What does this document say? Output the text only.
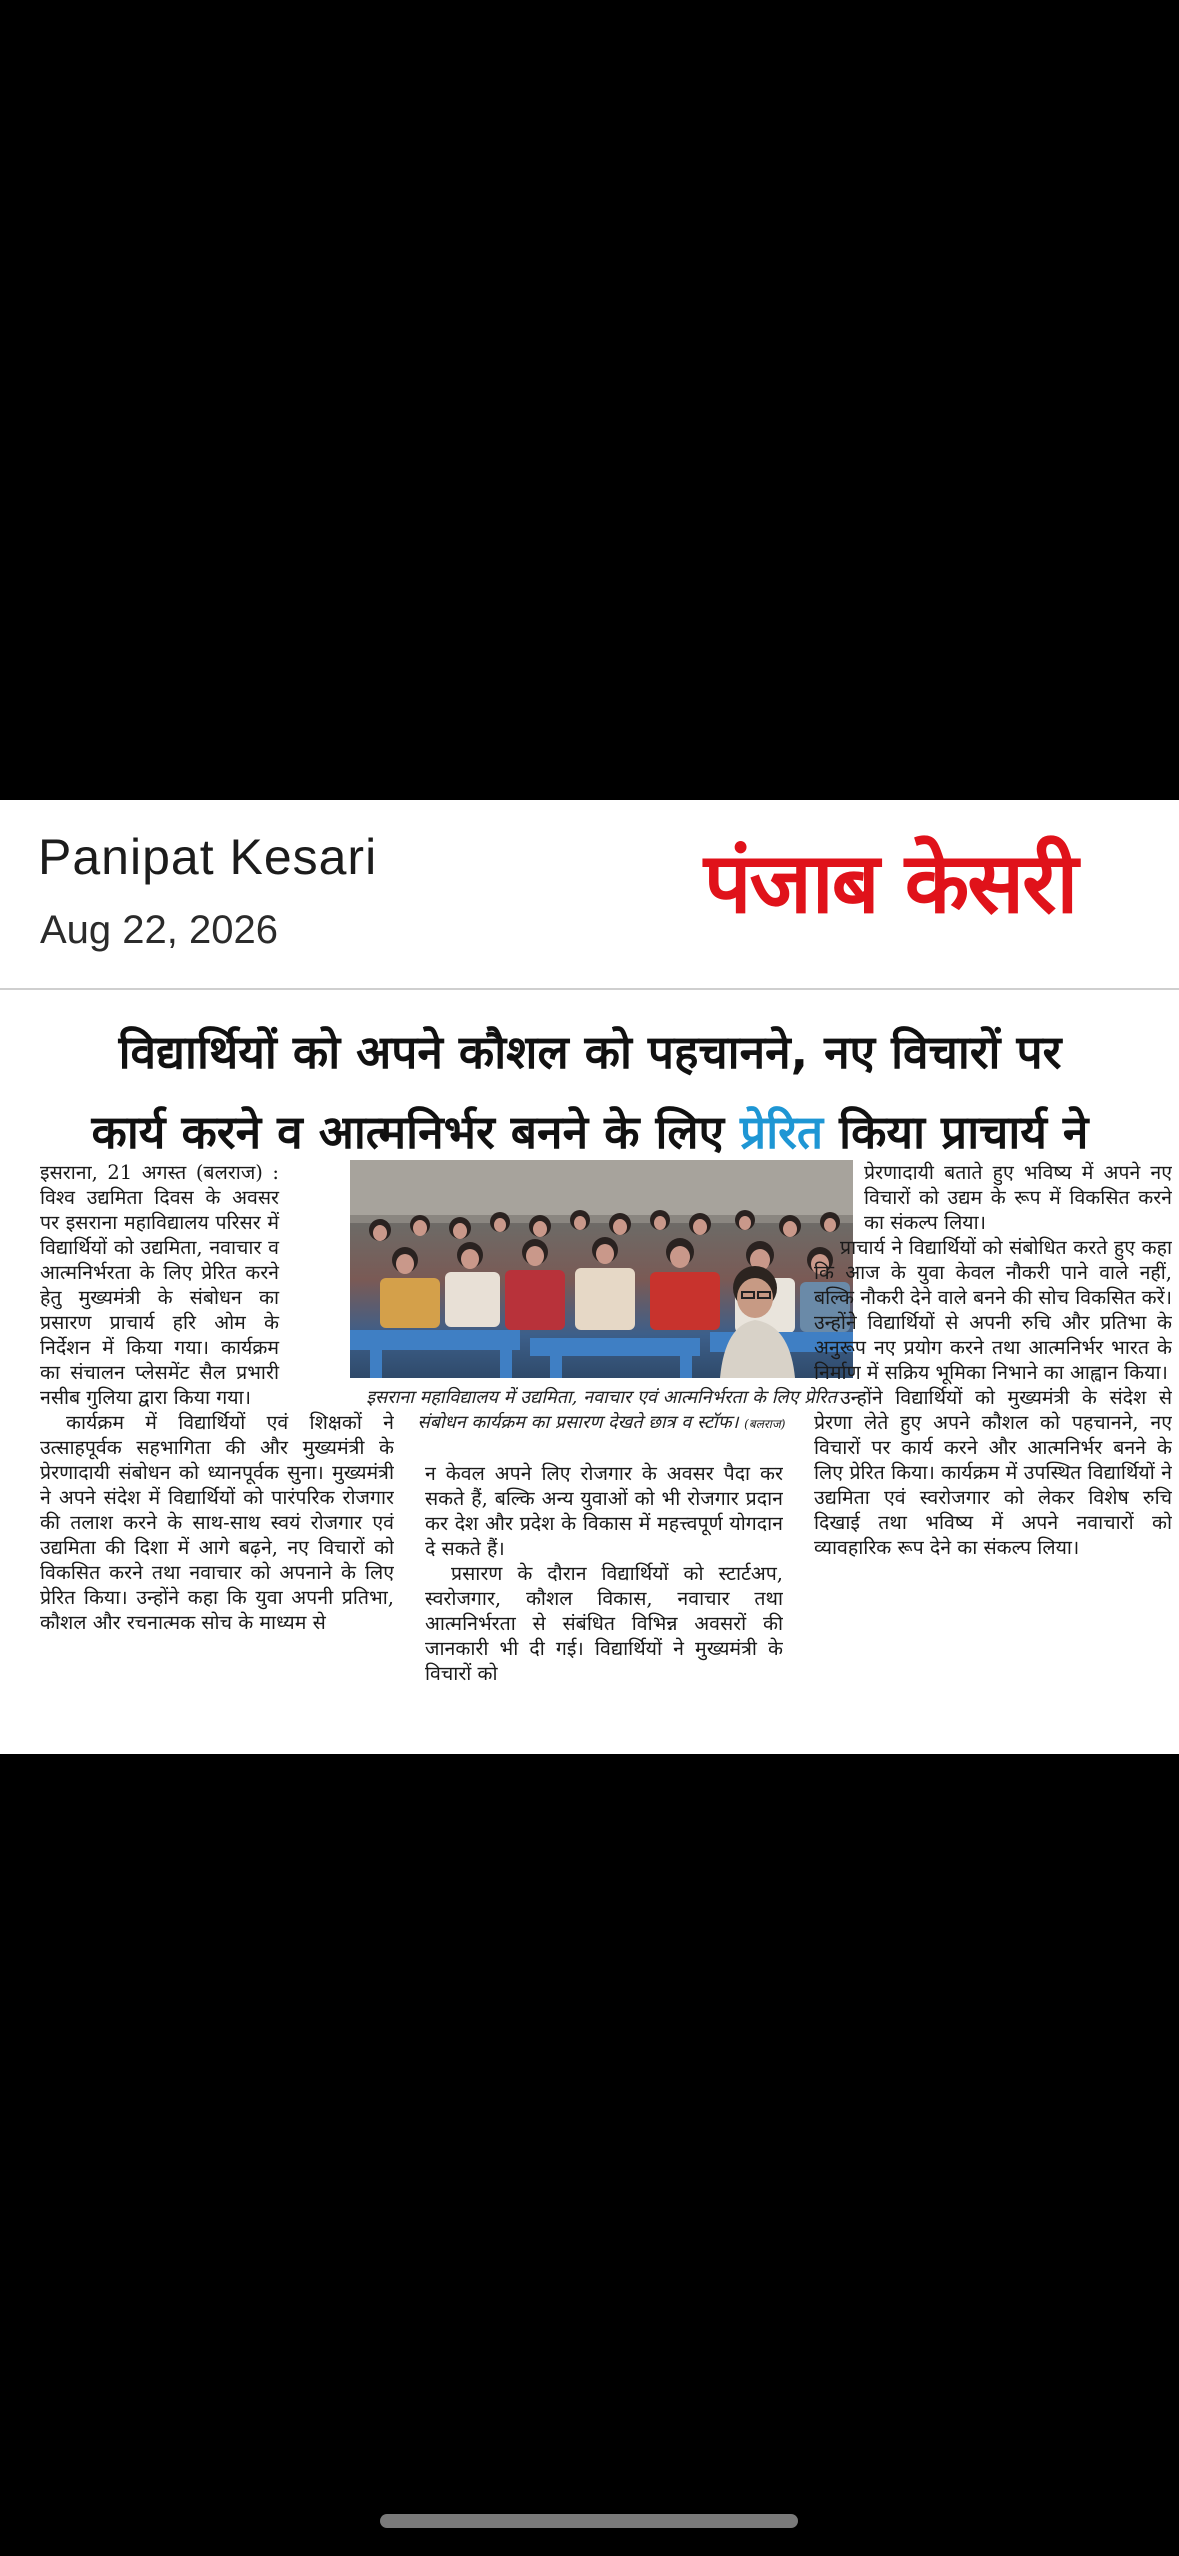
Panipat Kesari
Aug 22, 2026	पंजाब केसरी
विद्यार्थियों को अपने कौशल को पहचानने, नए विचारों पर
कार्य करने व आत्मनिर्भर बनने के लिए प्रेरित किया प्राचार्य ने

इसराना, 21 अगस्त (बलराज) : विश्व उद्यमिता दिवस के अवसर पर इसराना महाविद्यालय परिसर में विद्यार्थियों को उद्यमिता, नवाचार व आत्मनिर्भरता के लिए प्रेरित करने हेतु मुख्यमंत्री के संबोधन का प्रसारण प्राचार्य हरि ओम के निर्देशन में किया गया। कार्यक्रम का संचालन प्लेसमेंट सैल प्रभारी नसीब गुलिया द्वारा किया गया।

कार्यक्रम में विद्यार्थियों एवं शिक्षकों ने उत्साहपूर्वक सहभागिता की और मुख्यमंत्री के प्रेरणादायी संबोधन को ध्यानपूर्वक सुना। मुख्यमंत्री ने अपने संदेश में विद्यार्थियों को पारंपरिक रोजगार की तलाश करने के साथ-साथ स्वयं रोजगार एवं उद्यमिता की दिशा में आगे बढ़ने, नए विचारों को विकसित करने तथा नवाचार को अपनाने के लिए प्रेरित किया। उन्होंने कहा कि युवा अपनी प्रतिभा, कौशल और रचनात्मक सोच के माध्यम से

इसराना महाविद्यालय में उद्यमिता, नवाचार एवं आत्मनिर्भरता के लिए प्रेरित संबोधन कार्यक्रम का प्रसारण देखते छात्र व स्टॉफ। (बलराज)

न केवल अपने लिए रोजगार के अवसर पैदा कर सकते हैं, बल्कि अन्य युवाओं को भी रोजगार प्रदान कर देश और प्रदेश के विकास में महत्त्वपूर्ण योगदान दे सकते हैं।

प्रसारण के दौरान विद्यार्थियों को स्टार्टअप, स्वरोजगार, कौशल विकास, नवाचार तथा आत्मनिर्भरता से संबंधित विभिन्न अवसरों की जानकारी भी दी गई। विद्यार्थियों ने मुख्यमंत्री के विचारों को

प्रेरणादायी बताते हुए भविष्य में अपने नए विचारों को उद्यम के रूप में विकसित करने का संकल्प लिया।

प्राचार्य ने विद्यार्थियों को संबोधित करते हुए कहा कि आज के युवा केवल नौकरी पाने वाले नहीं, बल्कि नौकरी देने वाले बनने की सोच विकसित करें। उन्होंने विद्यार्थियों से अपनी रुचि और प्रतिभा के अनुरूप नए प्रयोग करने तथा आत्मनिर्भर भारत के निर्माण में सक्रिय भूमिका निभाने का आह्वान किया।

उन्होंने विद्यार्थियों को मुख्यमंत्री के संदेश से प्रेरणा लेते हुए अपने कौशल को पहचानने, नए विचारों पर कार्य करने और आत्मनिर्भर बनने के लिए प्रेरित किया। कार्यक्रम में उपस्थित विद्यार्थियों ने उद्यमिता एवं स्वरोजगार को लेकर विशेष रुचि दिखाई तथा भविष्य में अपने नवाचारों को व्यावहारिक रूप देने का संकल्प लिया।
